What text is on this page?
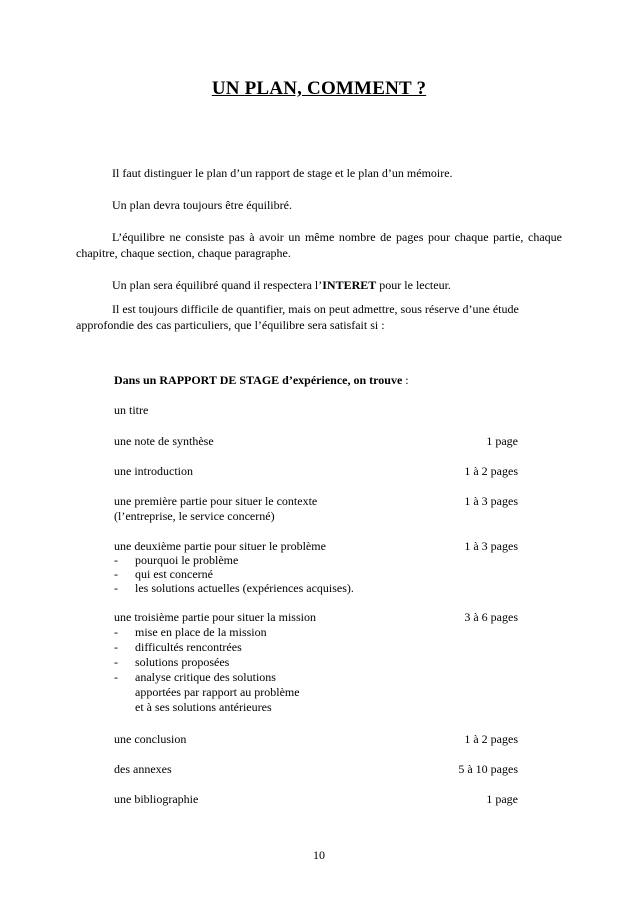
UN PLAN, COMMENT ?
Il faut distinguer le plan d’un rapport de stage et le plan d’un mémoire.
Un plan devra toujours être équilibré.
L’équilibre ne consiste pas à avoir un même nombre de pages pour chaque partie, chaque chapitre, chaque section, chaque paragraphe.
Un plan sera équilibré quand il respectera l’INTERET pour le lecteur.
Il est toujours difficile de quantifier, mais on peut admettre, sous réserve d’une étude approfondie des cas particuliers, que l’équilibre sera satisfait si :
Dans un RAPPORT DE STAGE d’expérience, on trouve :
un titre
une note de synthèse	1 page
une introduction	1 à 2 pages
une première partie pour situer le contexte	1 à 3 pages
(l’entreprise, le service concerné)
une deuxième partie pour situer le problème	1 à 3 pages
- pourquoi le problème
- qui est concerné
- les solutions actuelles (expériences acquises).
une troisième partie pour situer la mission	3 à 6 pages
- mise en place de la mission
- difficultés rencontrées
- solutions proposées
- analyse critique des solutions
apportées par rapport au problème
et à ses solutions antérieures
une conclusion	1 à 2 pages
des annexes	5 à 10 pages
une bibliographie	1 page
10
